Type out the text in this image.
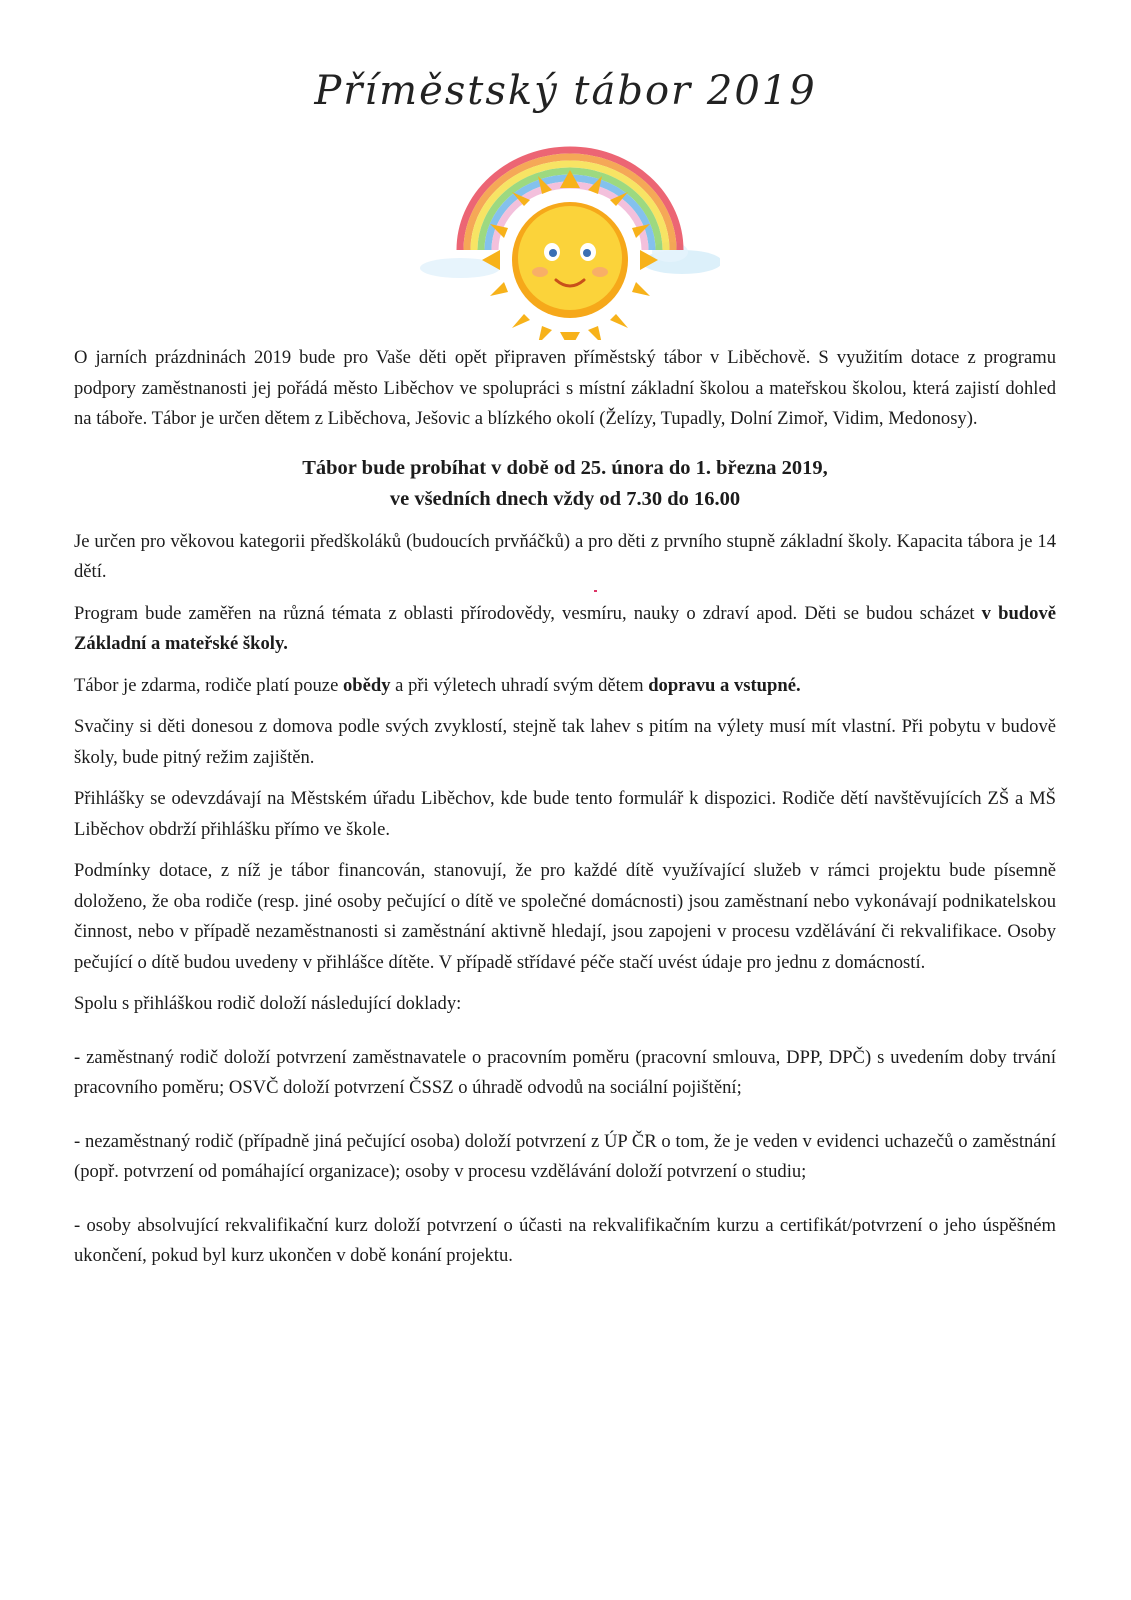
Příměstský tábor 2019

O jarních prázdninách 2019 bude pro Vaše děti opět připraven příměstský tábor v Liběchově. S využitím dotace z programu podpory zaměstnanosti jej pořádá město Liběchov ve spolupráci s místní základní školou a mateřskou školou, která zajistí dohled na táboře. Tábor je určen dětem z Liběchova, Ješovic a blízkého okolí (Želízy, Tupadly, Dolní Zimoř, Vidim, Medonosy).

Tábor bude probíhat v době od 25. února do 1. března 2019,
ve všedních dnech vždy od 7.30 do 16.00

Je určen pro věkovou kategorii předškoláků (budoucích prvňáčků) a pro děti z prvního stupně základní školy. Kapacita tábora je 14 dětí.

Program bude zaměřen na různá témata z oblasti přírodovědy, vesmíru, nauky o zdraví apod. Děti se budou scházet v budově Základní a mateřské školy.

Tábor je zdarma, rodiče platí pouze obědy a při výletech uhradí svým dětem dopravu a vstupné.

Svačiny si děti donesou z domova podle svých zvyklostí, stejně tak lahev s pitím na výlety musí mít vlastní. Při pobytu v budově školy, bude pitný režim zajištěn.

Přihlášky se odevzdávají na Městském úřadu Liběchov, kde bude tento formulář k dispozici. Rodiče dětí navštěvujících ZŠ a MŠ Liběchov obdrží přihlášku přímo ve škole.

Podmínky dotace, z níž je tábor financován, stanovují, že pro každé dítě využívající služeb v rámci projektu bude písemně doloženo, že oba rodiče (resp. jiné osoby pečující o dítě ve společné domácnosti) jsou zaměstnaní nebo vykonávají podnikatelskou činnost, nebo v případě nezaměstnanosti si zaměstnání aktivně hledají, jsou zapojeni v procesu vzdělávání či rekvalifikace. Osoby pečující o dítě budou uvedeny v přihlášce dítěte. V případě střídavé péče stačí uvést údaje pro jednu z domácností.

Spolu s přihláškou rodič doloží následující doklady:

- zaměstnaný rodič doloží potvrzení zaměstnavatele o pracovním poměru (pracovní smlouva, DPP, DPČ) s uvedením doby trvání pracovního poměru; OSVČ doloží potvrzení ČSSZ o úhradě odvodů na sociální pojištění;

- nezaměstnaný rodič (případně jiná pečující osoba) doloží potvrzení z ÚP ČR o tom, že je veden v evidenci uchazečů o zaměstnání (popř. potvrzení od pomáhající organizace); osoby v procesu vzdělávání doloží potvrzení o studiu;

- osoby absolvující rekvalifikační kurz doloží potvrzení o účasti na rekvalifikačním kurzu a certifikát/potvrzení o jeho úspěšném ukončení, pokud byl kurz ukončen v době konání projektu.
